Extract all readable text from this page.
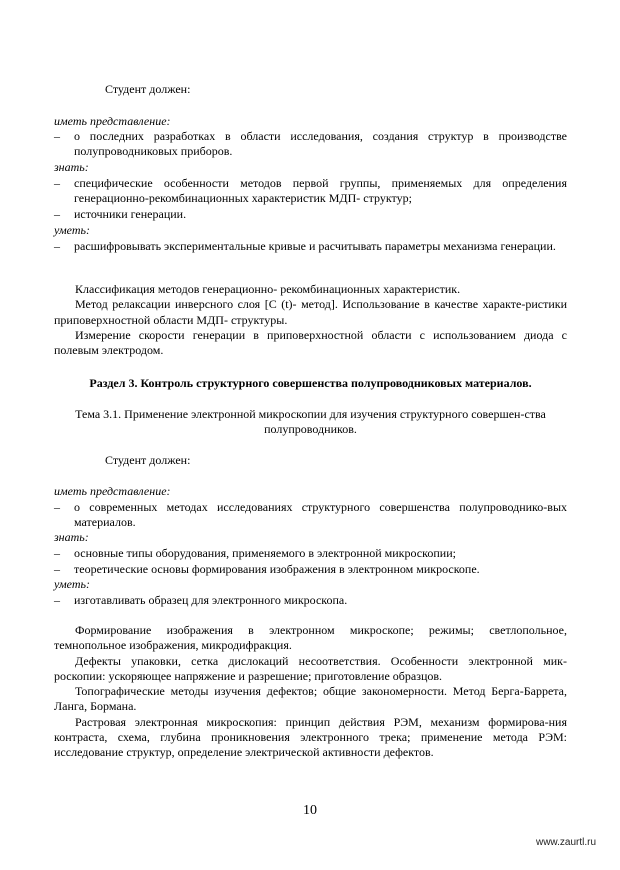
Студент должен:

иметь представление:

– о последних разработках в области исследования, создания структур в производстве полупроводниковых приборов.

знать:

– специфические особенности методов первой группы, применяемых для определения генерационно-рекомбинационных характеристик МДП- структур;
– источники генерации.

уметь:

– расшифровывать экспериментальные кривые и расчитывать параметры механизма генерации.
Классификация методов генерационно- рекомбинационных характеристик.
Метод релаксации инверсного слоя [С (t)- метод]. Использование в качестве характе-ристики приповерхностной области МДП- структуры.
Измерение скорости генерации в приповерхностной области с использованием диода с полевым электродом.

Раздел 3. Контроль структурного совершенства полупроводниковых материалов.

Тема 3.1. Применение электронной микроскопии для изучения структурного совершен-ства полупроводников.

Студент должен:

иметь представление:

– о современных методах исследованиях структурного совершенства полупроводнико-вых материалов.

знать:

– основные типы оборудования, применяемого в электронной микроскопии;
– теоретические основы формирования изображения в электронном микроскопе.

уметь:

– изготавливать образец для электронного микроскопа.
Формирование изображения в электронном микроскопе; режимы; светлопольное, темнопольное изображения, микродифракция.
Дефекты упаковки, сетка дислокаций несоответствия. Особенности электронной мик-роскопии: ускоряющее напряжение и разрешение; приготовление образцов.
Топографические методы изучения дефектов; общие закономерности. Метод Берга-Баррета, Ланга, Бормана.
Растровая электронная микроскопия: принцип действия РЭМ, механизм формирова-ния контраста, схема, глубина проникновения электронного трека; применение метода РЭМ: исследование структур, определение электрической активности дефектов.
10
www.zaurtl.ru
